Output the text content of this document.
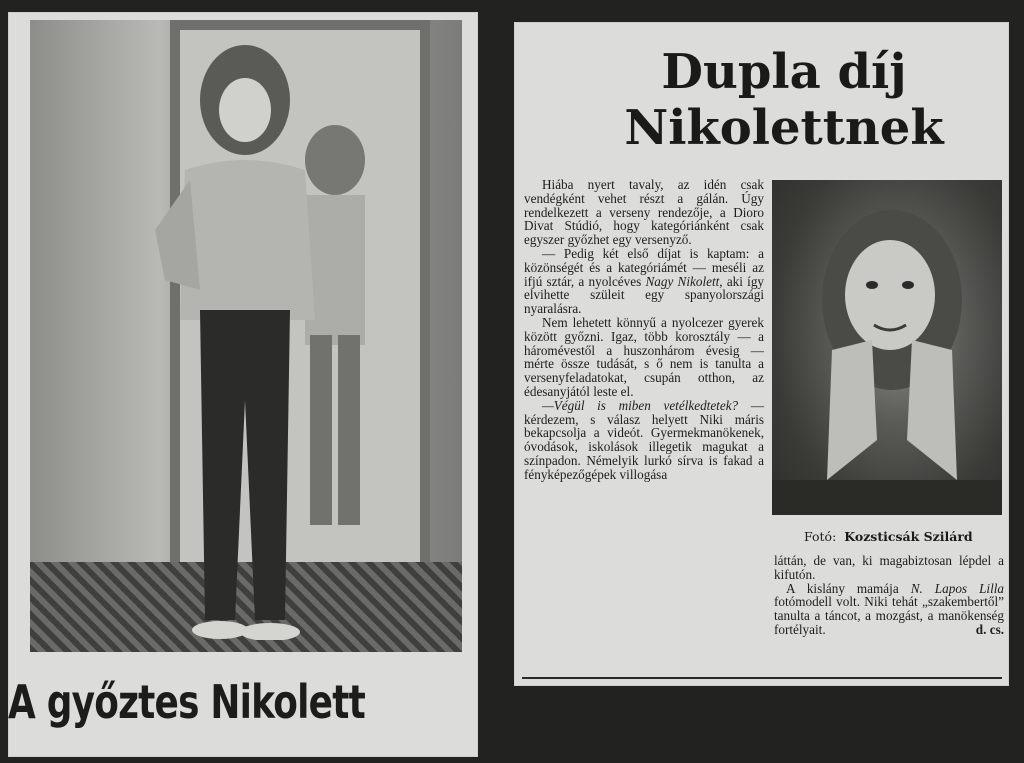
A győztes Nikolett
Dupla díj
Nikolettnek

Hiába nyert tavaly, az idén csak vendégként vehet részt a gálán. Úgy rendelkezett a verseny rendezője, a Dioro Divat Stúdió, hogy kategóriánként csak egyszer győzhet egy versenyző.

— Pedig két első díjat is kaptam: a közönségét és a kategóriámét — meséli az ifjú sztár, a nyolcéves Nagy Nikolett, aki így elvihette szüleit egy spanyolországi nyaralásra.

Nem lehetett könnyű a nyolcezer gyerek között győzni. Igaz, több korosztály — a háromévestől a huszonhárom évesig — mérte össze tudását, s ő nem is tanulta a versenyfeladatokat, csupán otthon, az édesanyjától leste el.

—Végül is miben vetélkedtetek? — kérdezem, s válasz helyett Niki máris bekapcsolja a videót. Gyermekmanökenek, óvodások, iskolások illegetik magukat a színpadon. Némelyik lurkó sírva is fakad a fényképezőgépek villogása

Fotó: Kozsticsák Szilárd

láttán, de van, ki magabiztosan lépdel a kifutón.

A kislány mamája N. Lapos Lilla fotómodell volt. Niki tehát „szakembertől” tanulta a táncot, a mozgást, a manökenség fortélyait.	d. cs.
